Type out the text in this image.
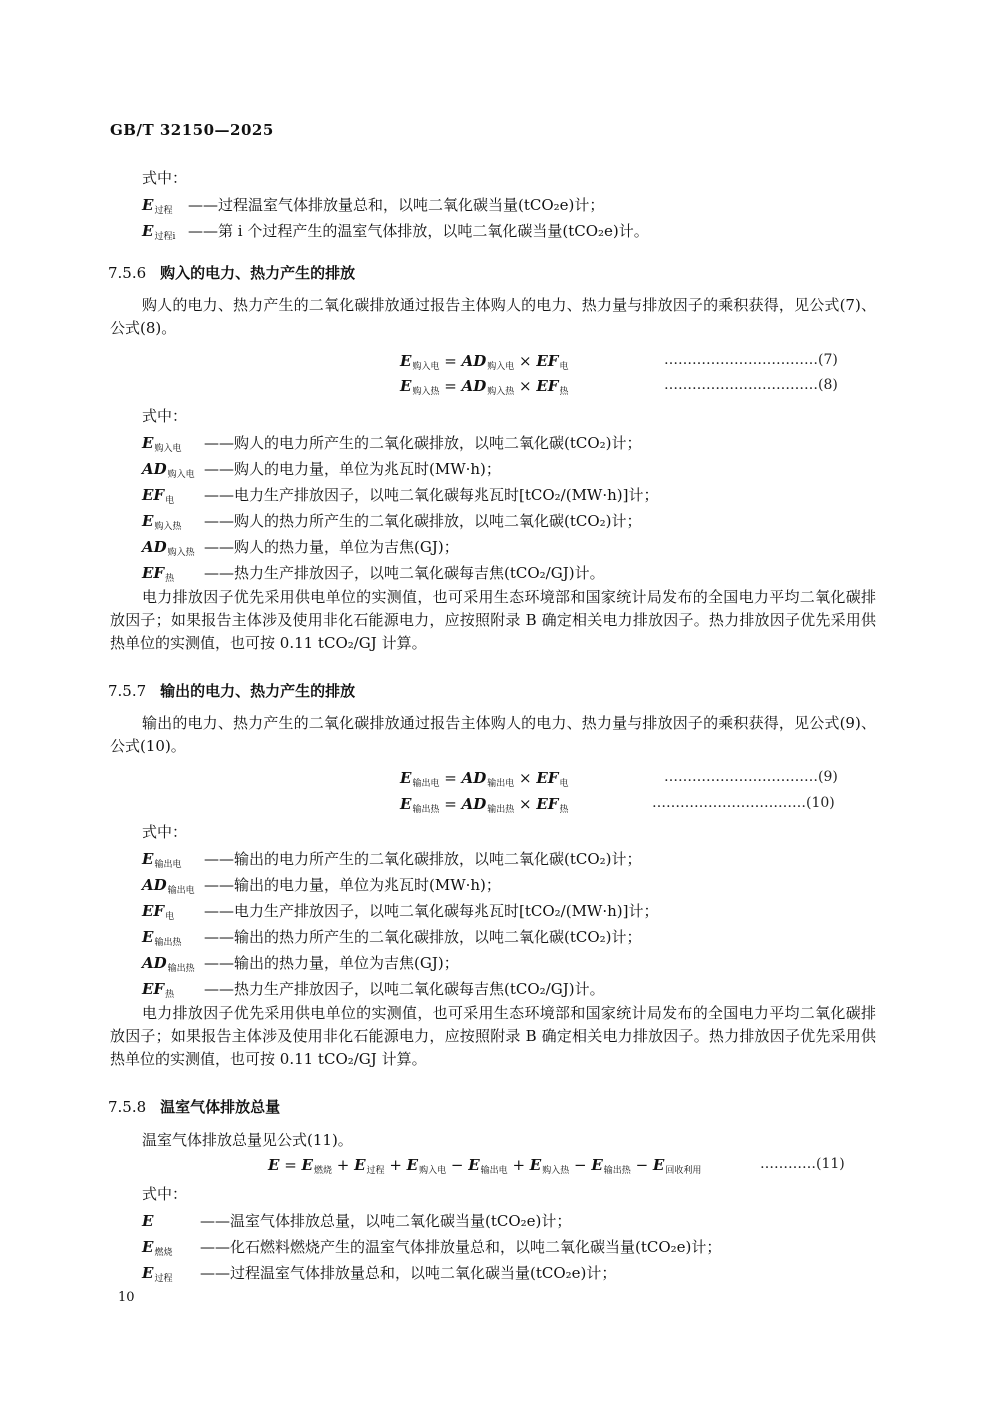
GB/T 32150—2025
式中：
$E_{过程}$ ——过程温室气体排放量总和，以吨二氧化碳当量(tCO₂e)计；
$E_{过程i}$ ——第 i 个过程产生的温室气体排放，以吨二氧化碳当量(tCO₂e)计。
7.5.6 购入的电力、热力产生的排放
购人的电力、热力产生的二氧化碳排放通过报告主体购人的电力、热力量与排放因子的乘积获得，见公式(7)、公式(8)。
$E_{购入电} = AD_{购入电} \times EF_电$	……………………………(7)
$E_{购入热} = AD_{购入热} \times EF_热$	……………………………(8)
式中：
$E_{购入电}$ ——购人的电力所产生的二氧化碳排放，以吨二氧化碳(tCO₂)计；
$AD_{购入电}$ ——购人的电力量，单位为兆瓦时(MW·h)；
$EF_电$ ——电力生产排放因子，以吨二氧化碳每兆瓦时[tCO₂/(MW·h)]计；
$E_{购入热}$ ——购人的热力所产生的二氧化碳排放，以吨二氧化碳(tCO₂)计；
$AD_{购入热}$ ——购人的热力量，单位为吉焦(GJ)；
$EF_热$ ——热力生产排放因子，以吨二氧化碳每吉焦(tCO₂/GJ)计。
电力排放因子优先采用供电单位的实测值，也可采用生态环境部和国家统计局发布的全国电力平均二氧化碳排放因子；如果报告主体涉及使用非化石能源电力，应按照附录 B 确定相关电力排放因子。热力排放因子优先采用供热单位的实测值，也可按 0.11 tCO₂/GJ 计算。
7.5.7 输出的电力、热力产生的排放
输出的电力、热力产生的二氧化碳排放通过报告主体购人的电力、热力量与排放因子的乘积获得，见公式(9)、公式(10)。
$E_{输出电} = AD_{输出电} \times EF_电$	……………………………(9)
$E_{输出热} = AD_{输出热} \times EF_热$	……………………………(10)
式中：
$E_{输出电}$ ——输出的电力所产生的二氧化碳排放，以吨二氧化碳(tCO₂)计；
$AD_{输出电}$ ——输出的电力量，单位为兆瓦时(MW·h)；
$EF_电$ ——电力生产排放因子，以吨二氧化碳每兆瓦时[tCO₂/(MW·h)]计；
$E_{输出热}$ ——输出的热力所产生的二氧化碳排放，以吨二氧化碳(tCO₂)计；
$AD_{输出热}$ ——输出的热力量，单位为吉焦(GJ)；
$EF_热$ ——热力生产排放因子，以吨二氧化碳每吉焦(tCO₂/GJ)计。
电力排放因子优先采用供电单位的实测值，也可采用生态环境部和国家统计局发布的全国电力平均二氧化碳排放因子；如果报告主体涉及使用非化石能源电力，应按照附录 B 确定相关电力排放因子。热力排放因子优先采用供热单位的实测值，也可按 0.11 tCO₂/GJ 计算。
7.5.8 温室气体排放总量
温室气体排放总量见公式(11)。
$E = E_{燃烧} + E_{过程} + E_{购入电} - E_{输出电} + E_{购入热} - E_{输出热} - E_{回收利用}$	…………(11)
式中：
E	——温室气体排放总量，以吨二氧化碳当量(tCO₂e)计；
$E_{燃烧}$ ——化石燃料燃烧产生的温室气体排放量总和，以吨二氧化碳当量(tCO₂e)计；
$E_{过程}$ ——过程温室气体排放量总和，以吨二氧化碳当量(tCO₂e)计；
10
